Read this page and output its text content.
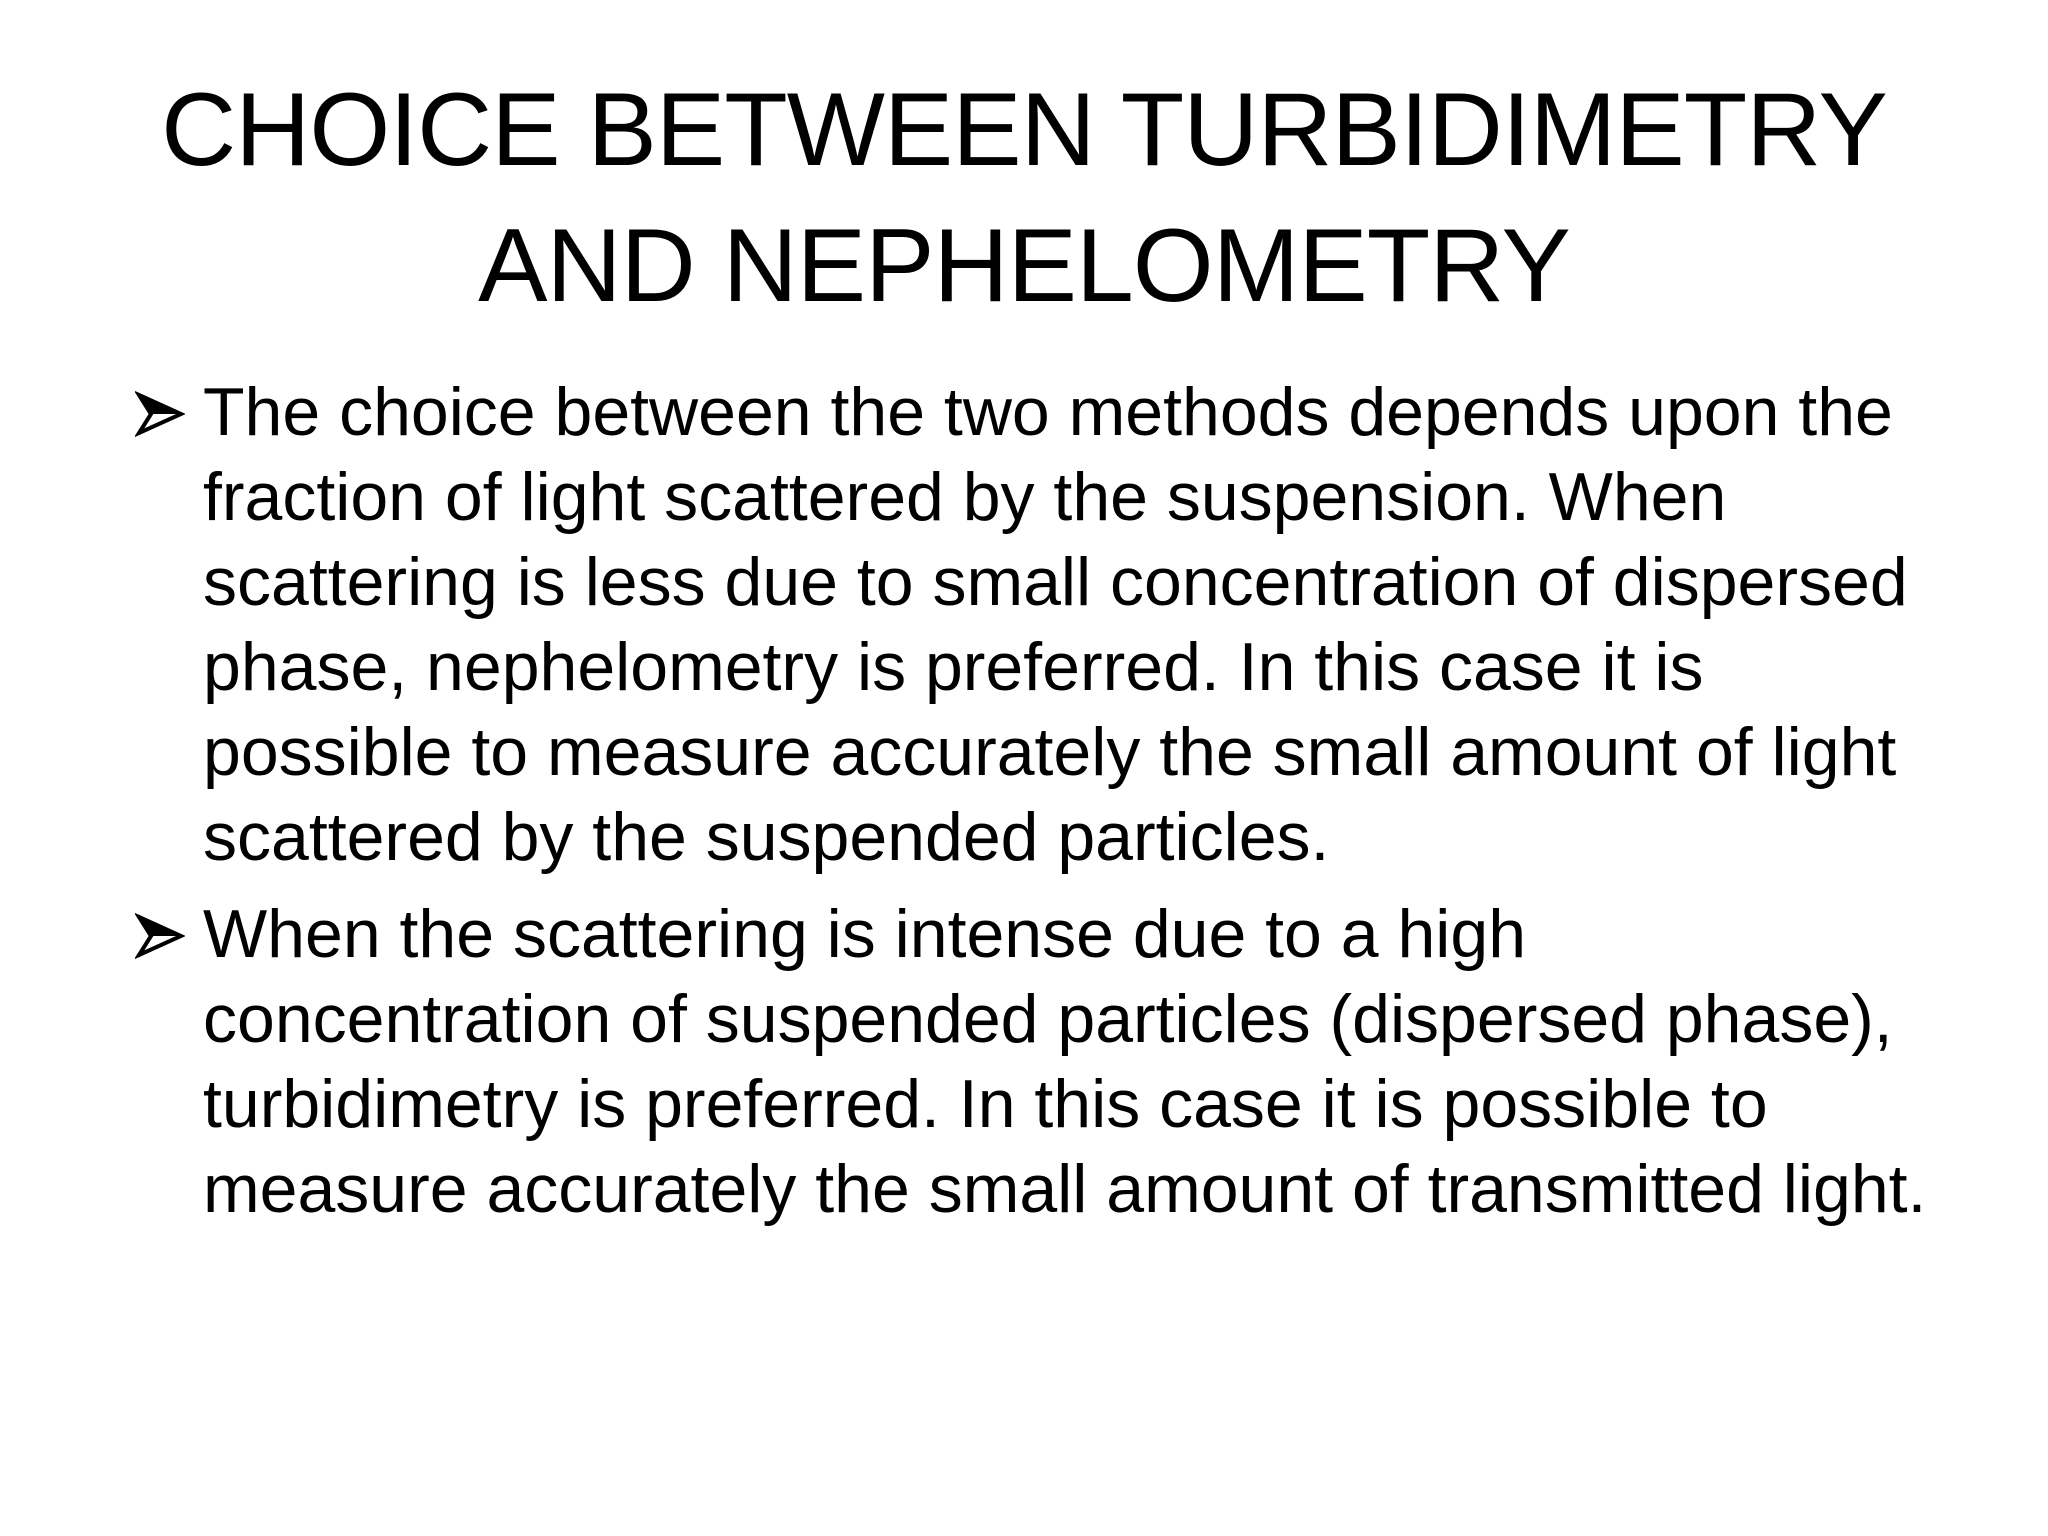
CHOICE BETWEEN TURBIDIMETRY AND NEPHELOMETRY
The choice between the two methods depends upon the fraction of light scattered by the suspension. When scattering is less due to small concentration of dispersed phase, nephelometry is preferred. In this case it is possible to measure accurately the small amount of light scattered by the suspended particles.
When the scattering is intense due to a high concentration of suspended particles (dispersed phase), turbidimetry is preferred. In this case it is possible to measure accurately the small amount of transmitted light.
